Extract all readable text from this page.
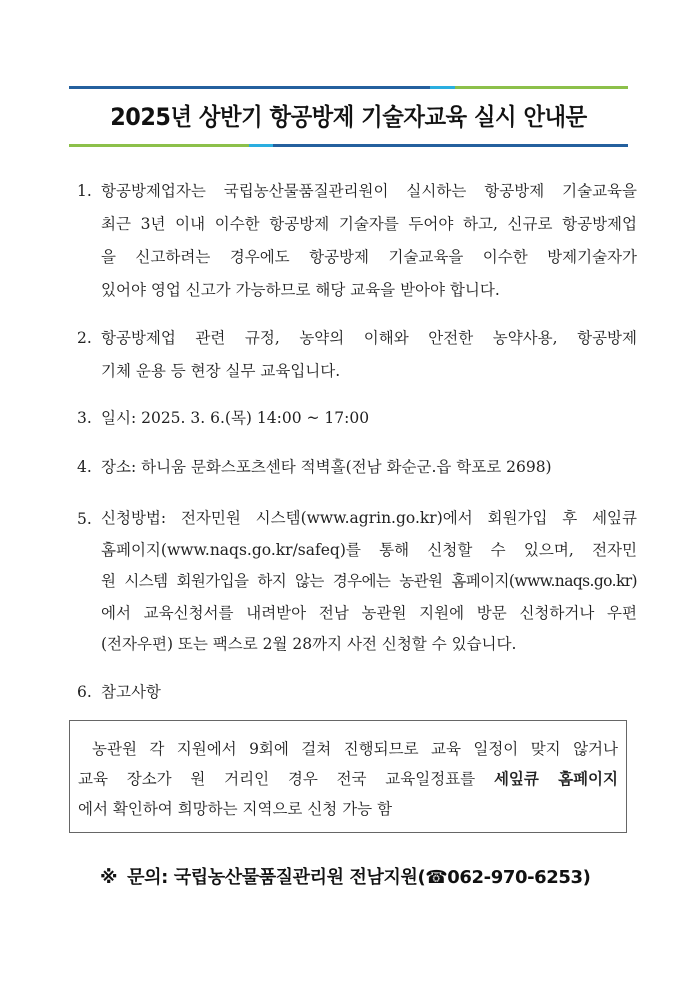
2025년 상반기 항공방제 기술자교육 실시 안내문
1. 항공방제업자는 국립농산물품질관리원이 실시하는 항공방제 기술교육을
최근 3년 이내 이수한 항공방제 기술자를 두어야 하고, 신규로 항공방제업
을 신고하려는 경우에도 항공방제 기술교육을 이수한 방제기술자가
있어야 영업 신고가 가능하므로 해당 교육을 받아야 합니다.
2. 항공방제업 관련 규정, 농약의 이해와 안전한 농약사용, 항공방제
기체 운용 등 현장 실무 교육입니다.
3. 일시: 2025. 3. 6.(목) 14:00 ~ 17:00
4. 장소: 하니움 문화스포츠센타 적벽홀(전남 화순군.읍 학포로 2698)
5. 신청방법: 전자민원 시스템(www.agrin.go.kr)에서 회원가입 후 세잎큐
홈페이지(www.naqs.go.kr/safeq)를 통해 신청할 수 있으며, 전자민
원 시스템 회원가입을 하지 않는 경우에는 농관원 홈페이지(www.naqs.go.kr)
에서 교육신청서를 내려받아 전남 농관원 지원에 방문 신청하거나 우편
(전자우편) 또는 팩스로 2월 28까지 사전 신청할 수 있습니다.
6. 참고사항
농관원 각 지원에서 9회에 걸쳐 진행되므로 교육 일정이 맞지 않거나
교육 장소가 원 거리인 경우 전국 교육일정표를 세잎큐 홈페이지
에서 확인하여 희망하는 지역으로 신청 가능 함
※ 문의: 국립농산물품질관리원 전남지원(☎062-970-6253)
